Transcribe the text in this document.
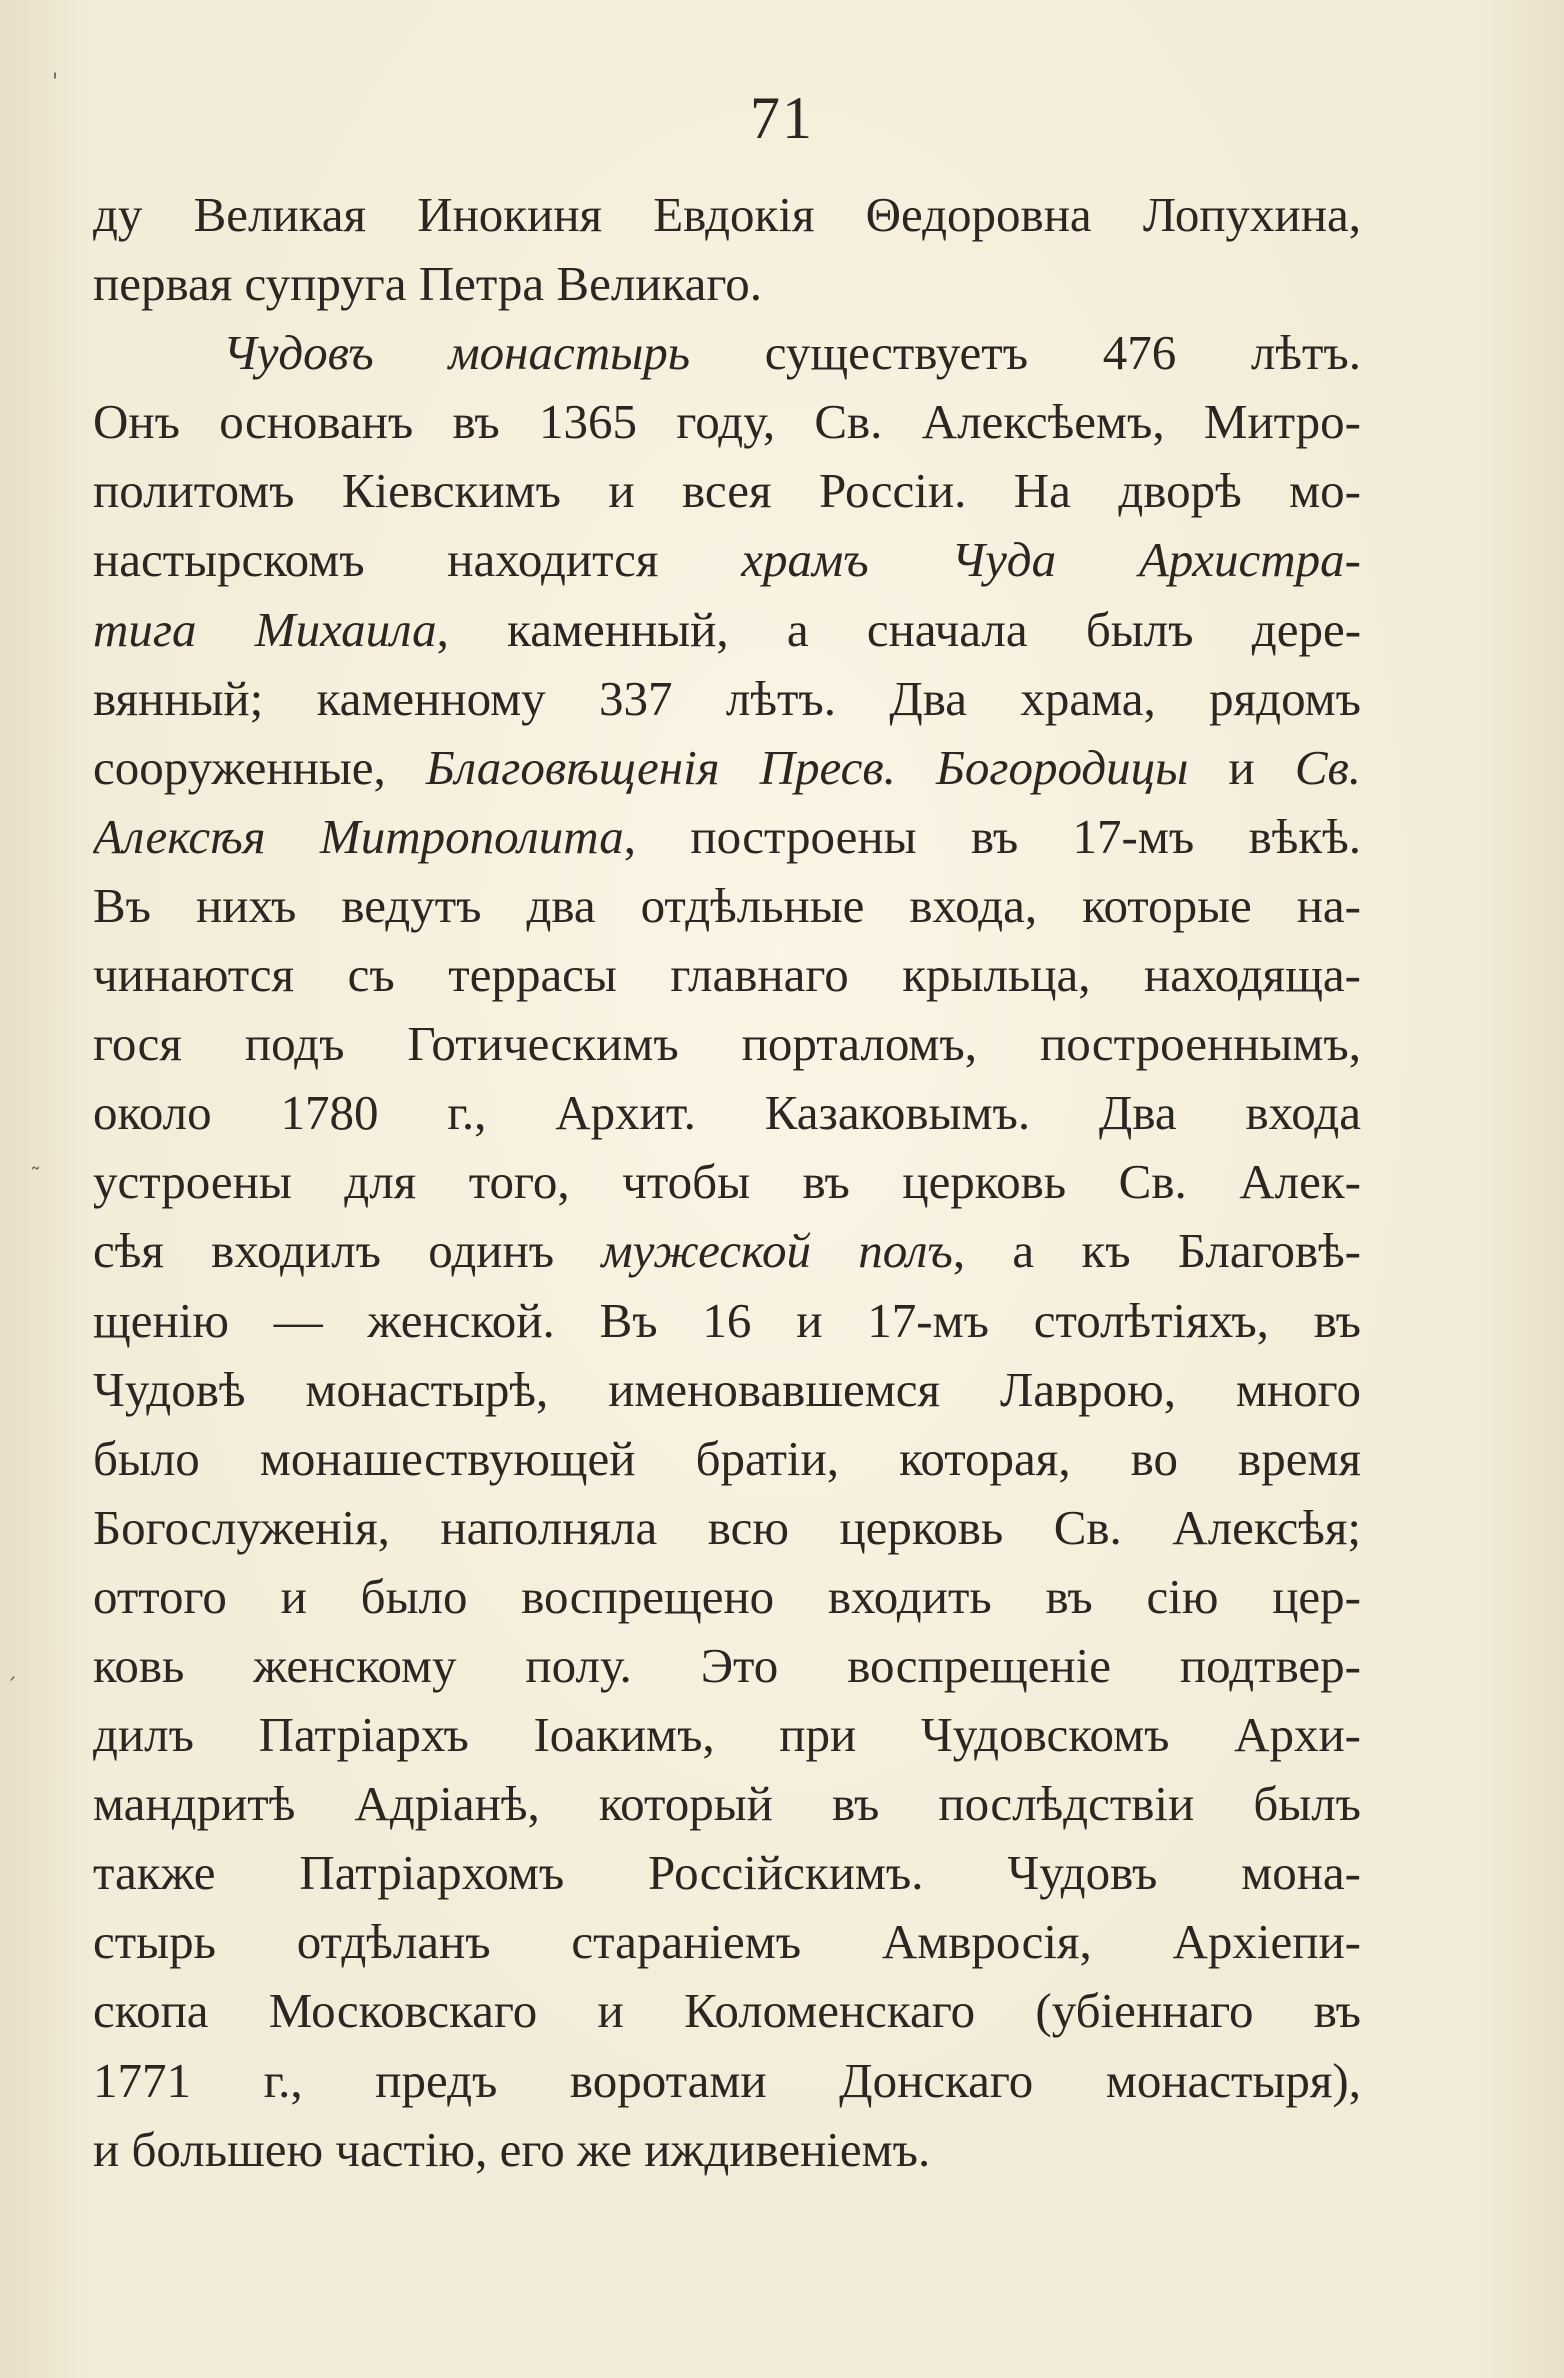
'
˷
ˏ
71
ду Великая Инокиня Евдокія Θедоровна Лопухина,
первая супруга Петра Великаго.
Чудовъ монастырь существуетъ 476 лѣтъ.
Онъ основанъ въ 1365 году, Св. Алексѣемъ, Митро-
политомъ Кіевскимъ и всея Россіи. На дворѣ мо-
настырскомъ находится храмъ Чуда Архистра-
тига Михаила, каменный, а сначала былъ дере-
вянный; каменному 337 лѣтъ. Два храма, рядомъ
сооруженные, Благовѣщенія Пресв. Богородицы и Св.
Алексѣя Митрополита, построены въ 17-мъ вѣкѣ.
Въ нихъ ведутъ два отдѣльные входа, которые на-
чинаются съ террасы главнаго крыльца, находяща-
гося подъ Готическимъ порталомъ, построеннымъ,
около 1780 г., Архит. Казаковымъ. Два входа
устроены для того, чтобы въ церковь Св. Алек-
сѣя входилъ одинъ мужеской полъ, а къ Благовѣ-
щенію — женской. Въ 16 и 17-мъ столѣтіяхъ, въ
Чудовѣ монастырѣ, именовавшемся Лаврою, много
было монашествующей братіи, которая, во время
Богослуженія, наполняла всю церковь Св. Алексѣя;
оттого и было воспрещено входить въ сію цер-
ковь женскому полу. Это воспрещеніе подтвер-
дилъ Патріархъ Іоакимъ, при Чудовскомъ Архи-
мандритѣ Адріанѣ, который въ послѣдствіи былъ
также Патріархомъ Россійскимъ. Чудовъ мона-
стырь отдѣланъ стараніемъ Амвросія, Архіепи-
скопа Московскаго и Коломенскаго (убіеннаго въ
1771 г., предъ воротами Донскаго монастыря),
и большею частію, его же иждивеніемъ.
